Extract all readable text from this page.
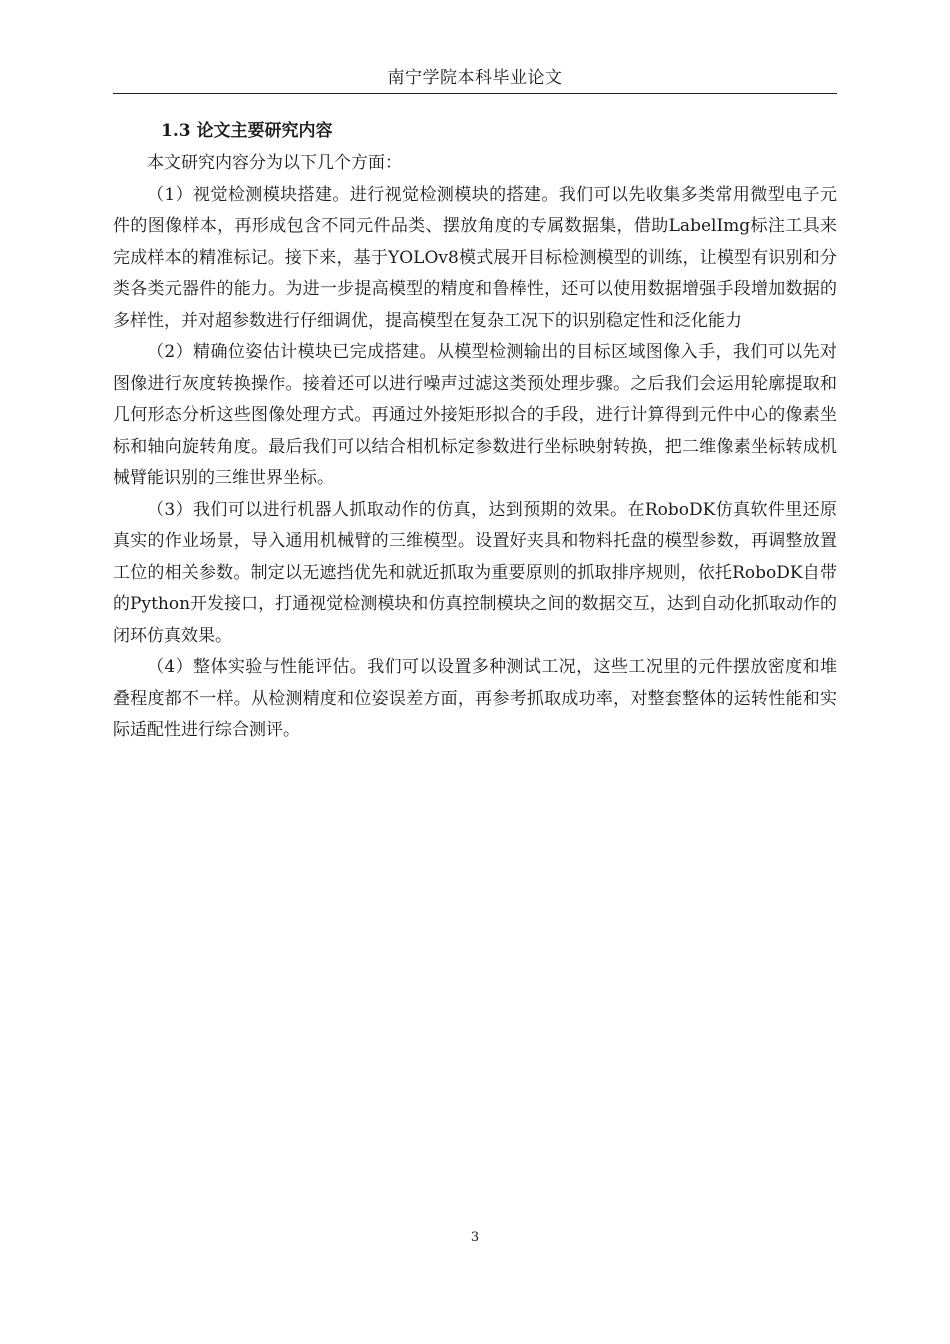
南宁学院本科毕业论文
1.3 论文主要研究内容

本文研究内容分为以下几个方面：

（1）视觉检测模块搭建。进行视觉检测模块的搭建。我们可以先收集多类常用微型电子元件的图像样本，再形成包含不同元件品类、摆放角度的专属数据集，借助LabelImg标注工具来完成样本的精准标记。接下来，基于YOLOv8模式展开目标检测模型的训练，让模型有识别和分类各类元器件的能力。为进一步提高模型的精度和鲁棒性，还可以使用数据增强手段增加数据的多样性，并对超参数进行仔细调优，提高模型在复杂工况下的识别稳定性和泛化能力

（2）精确位姿估计模块已完成搭建。从模型检测输出的目标区域图像入手，我们可以先对图像进行灰度转换操作。接着还可以进行噪声过滤这类预处理步骤。之后我们会运用轮廓提取和几何形态分析这些图像处理方式。再通过外接矩形拟合的手段，进行计算得到元件中心的像素坐标和轴向旋转角度。最后我们可以结合相机标定参数进行坐标映射转换，把二维像素坐标转成机械臂能识别的三维世界坐标。

（3）我们可以进行机器人抓取动作的仿真，达到预期的效果。在RoboDK仿真软件里还原真实的作业场景，导入通用机械臂的三维模型。设置好夹具和物料托盘的模型参数，再调整放置工位的相关参数。制定以无遮挡优先和就近抓取为重要原则的抓取排序规则，依托RoboDK自带的Python开发接口，打通视觉检测模块和仿真控制模块之间的数据交互，达到自动化抓取动作的闭环仿真效果。

（4）整体实验与性能评估。我们可以设置多种测试工况，这些工况里的元件摆放密度和堆叠程度都不一样。从检测精度和位姿误差方面，再参考抓取成功率，对整套整体的运转性能和实际适配性进行综合测评。

3
